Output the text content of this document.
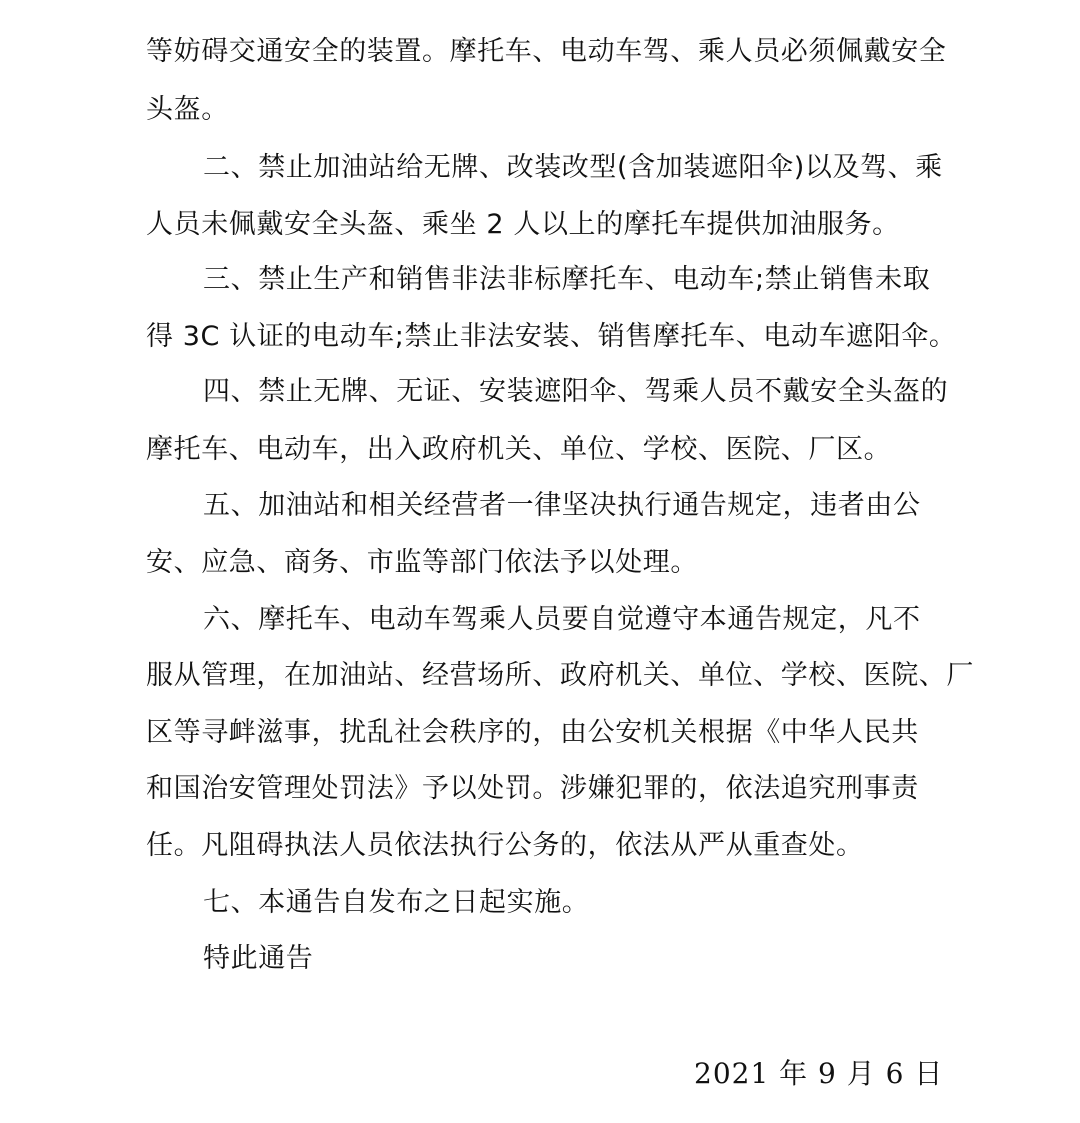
等妨碍交通安全的装置。摩托车、电动车驾、乘人员必须佩戴安全
头盔。
二、禁止加油站给无牌、改装改型(含加装遮阳伞)以及驾、乘
人员未佩戴安全头盔、乘坐 2 人以上的摩托车提供加油服务。
三、禁止生产和销售非法非标摩托车、电动车;禁止销售未取
得 3C 认证的电动车;禁止非法安装、销售摩托车、电动车遮阳伞。
四、禁止无牌、无证、安装遮阳伞、驾乘人员不戴安全头盔的
摩托车、电动车，出入政府机关、单位、学校、医院、厂区。
五、加油站和相关经营者一律坚决执行通告规定，违者由公
安、应急、商务、市监等部门依法予以处理。
六、摩托车、电动车驾乘人员要自觉遵守本通告规定，凡不
服从管理，在加油站、经营场所、政府机关、单位、学校、医院、厂
区等寻衅滋事，扰乱社会秩序的，由公安机关根据《中华人民共
和国治安管理处罚法》予以处罚。涉嫌犯罪的，依法追究刑事责
任。凡阻碍执法人员依法执行公务的，依法从严从重查处。
七、本通告自发布之日起实施。
特此通告
2021 年 9 月 6 日
